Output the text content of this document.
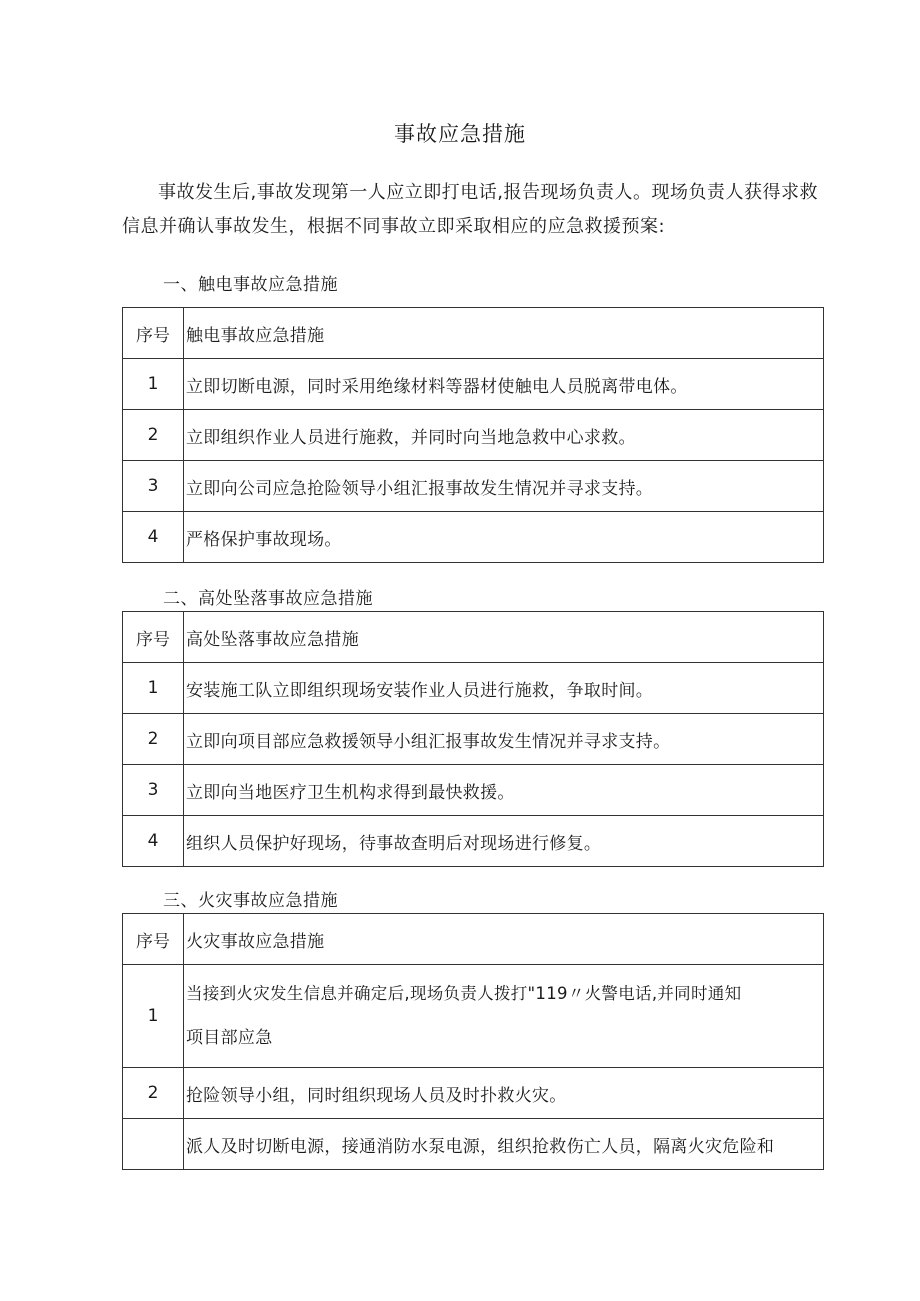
事故应急措施
事故发生后,事故发现第一人应立即打电话,报告现场负责人。现场负责人获得求救信息并确认事故发生，根据不同事故立即采取相应的应急救援预案:
一、触电事故应急措施
序号	触电事故应急措施
1	立即切断电源，同时采用绝缘材料等器材使触电人员脱离带电体。
2	立即组织作业人员进行施救，并同时向当地急救中心求救。
3	立即向公司应急抢险领导小组汇报事故发生情况并寻求支持。
4	严格保护事故现场。
二、高处坠落事故应急措施
序号	高处坠落事故应急措施
1	安装施工队立即组织现场安装作业人员进行施救，争取时间。
2	立即向项目部应急救援领导小组汇报事故发生情况并寻求支持。
3	立即向当地医疗卫生机构求得到最快救援。
4	组织人员保护好现场，待事故查明后对现场进行修复。
三、火灾事故应急措施
序号	火灾事故应急措施
1	当接到火灾发生信息并确定后,现场负责人拨打"119〃火警电话,并同时通知
项目部应急

2	抢险领导小组，同时组织现场人员及时扑救火灾。
	派人及时切断电源，接通消防水泵电源，组织抢救伤亡人员，隔离火灾危险和
